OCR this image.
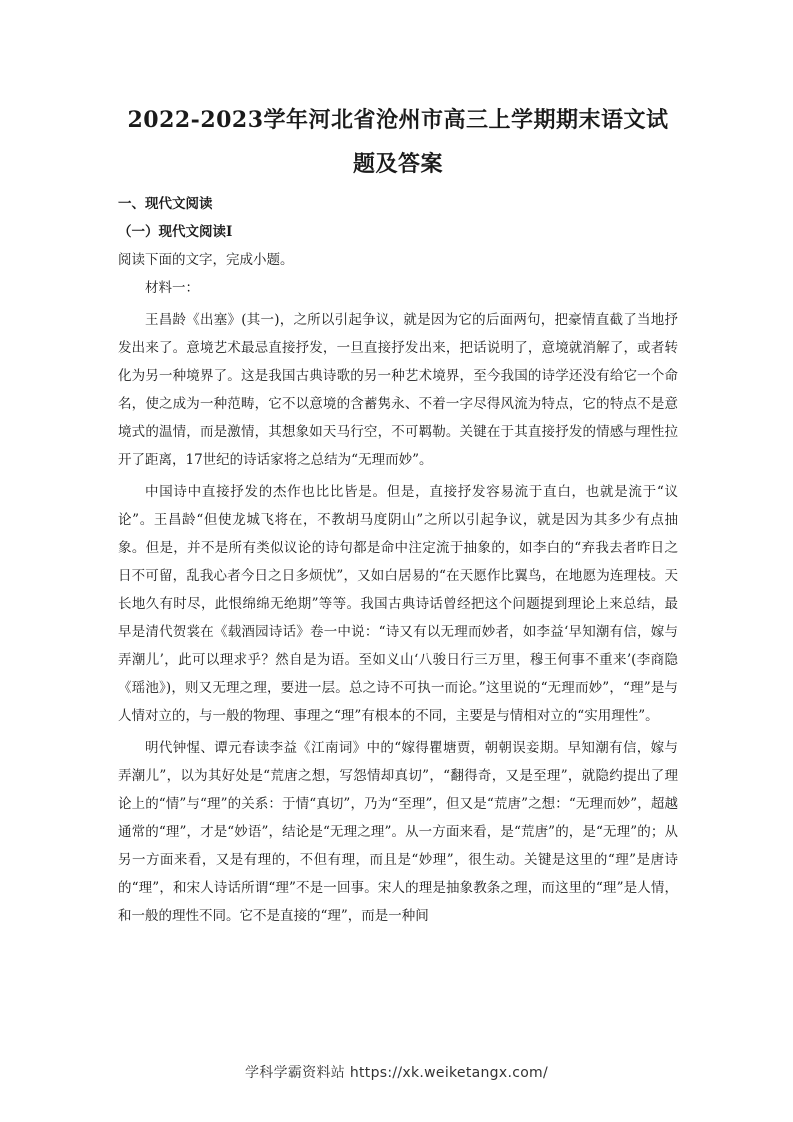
2022-2023学年河北省沧州市高三上学期期末语文试题及答案

一、现代文阅读

（一）现代文阅读Ⅰ

阅读下面的文字，完成小题。

材料一：

王昌龄《出塞》(其一)，之所以引起争议，就是因为它的后面两句，把豪情直截了当地抒发出来了。意境艺术最忌直接抒发，一旦直接抒发出来，把话说明了，意境就消解了，或者转化为另一种境界了。这是我国古典诗歌的另一种艺术境界，至今我国的诗学还没有给它一个命名，使之成为一种范畴，它不以意境的含蓄隽永、不着一字尽得风流为特点，它的特点不是意境式的温情，而是激情，其想象如天马行空，不可羁勒。关键在于其直接抒发的情感与理性拉开了距离，17世纪的诗话家将之总结为“无理而妙”。

中国诗中直接抒发的杰作也比比皆是。但是，直接抒发容易流于直白，也就是流于“议论”。王昌龄“但使龙城飞将在，不教胡马度阴山”之所以引起争议，就是因为其多少有点抽象。但是，并不是所有类似议论的诗句都是命中注定流于抽象的，如李白的“弃我去者昨日之日不可留，乱我心者今日之日多烦忧”，又如白居易的“在天愿作比翼鸟，在地愿为连理枝。天长地久有时尽，此恨绵绵无绝期”等等。我国古典诗话曾经把这个问题提到理论上来总结，最早是清代贺裳在《载酒园诗话》卷一中说：“诗又有以无理而妙者，如李益‘早知潮有信，嫁与弄潮儿’，此可以理求乎？然自是为语。至如义山‘八骏日行三万里，穆王何事不重来’(李商隐《瑶池》)，则又无理之理，要进一层。总之诗不可执一而论。”这里说的“无理而妙”，“理”是与人情对立的，与一般的物理、事理之“理”有根本的不同，主要是与情相对立的“实用理性”。

明代钟惺、谭元春读李益《江南词》中的“嫁得瞿塘贾，朝朝误妾期。早知潮有信，嫁与弄潮儿”，以为其好处是“荒唐之想，写怨情却真切”，“翻得奇，又是至理”，就隐约提出了理论上的“情”与“理”的关系：于情“真切”，乃为“至理”，但又是“荒唐”之想：“无理而妙”，超越通常的“理”，才是“妙语”，结论是“无理之理”。从一方面来看，是“荒唐”的，是“无理”的；从另一方面来看，又是有理的，不但有理，而且是“妙理”，很生动。关键是这里的“理”是唐诗的“理”，和宋人诗话所谓“理”不是一回事。宋人的理是抽象教条之理，而这里的“理”是人情，和一般的理性不同。它不是直接的“理”，而是一种间

学科学霸资料站 https://xk.weiketangx.com/
